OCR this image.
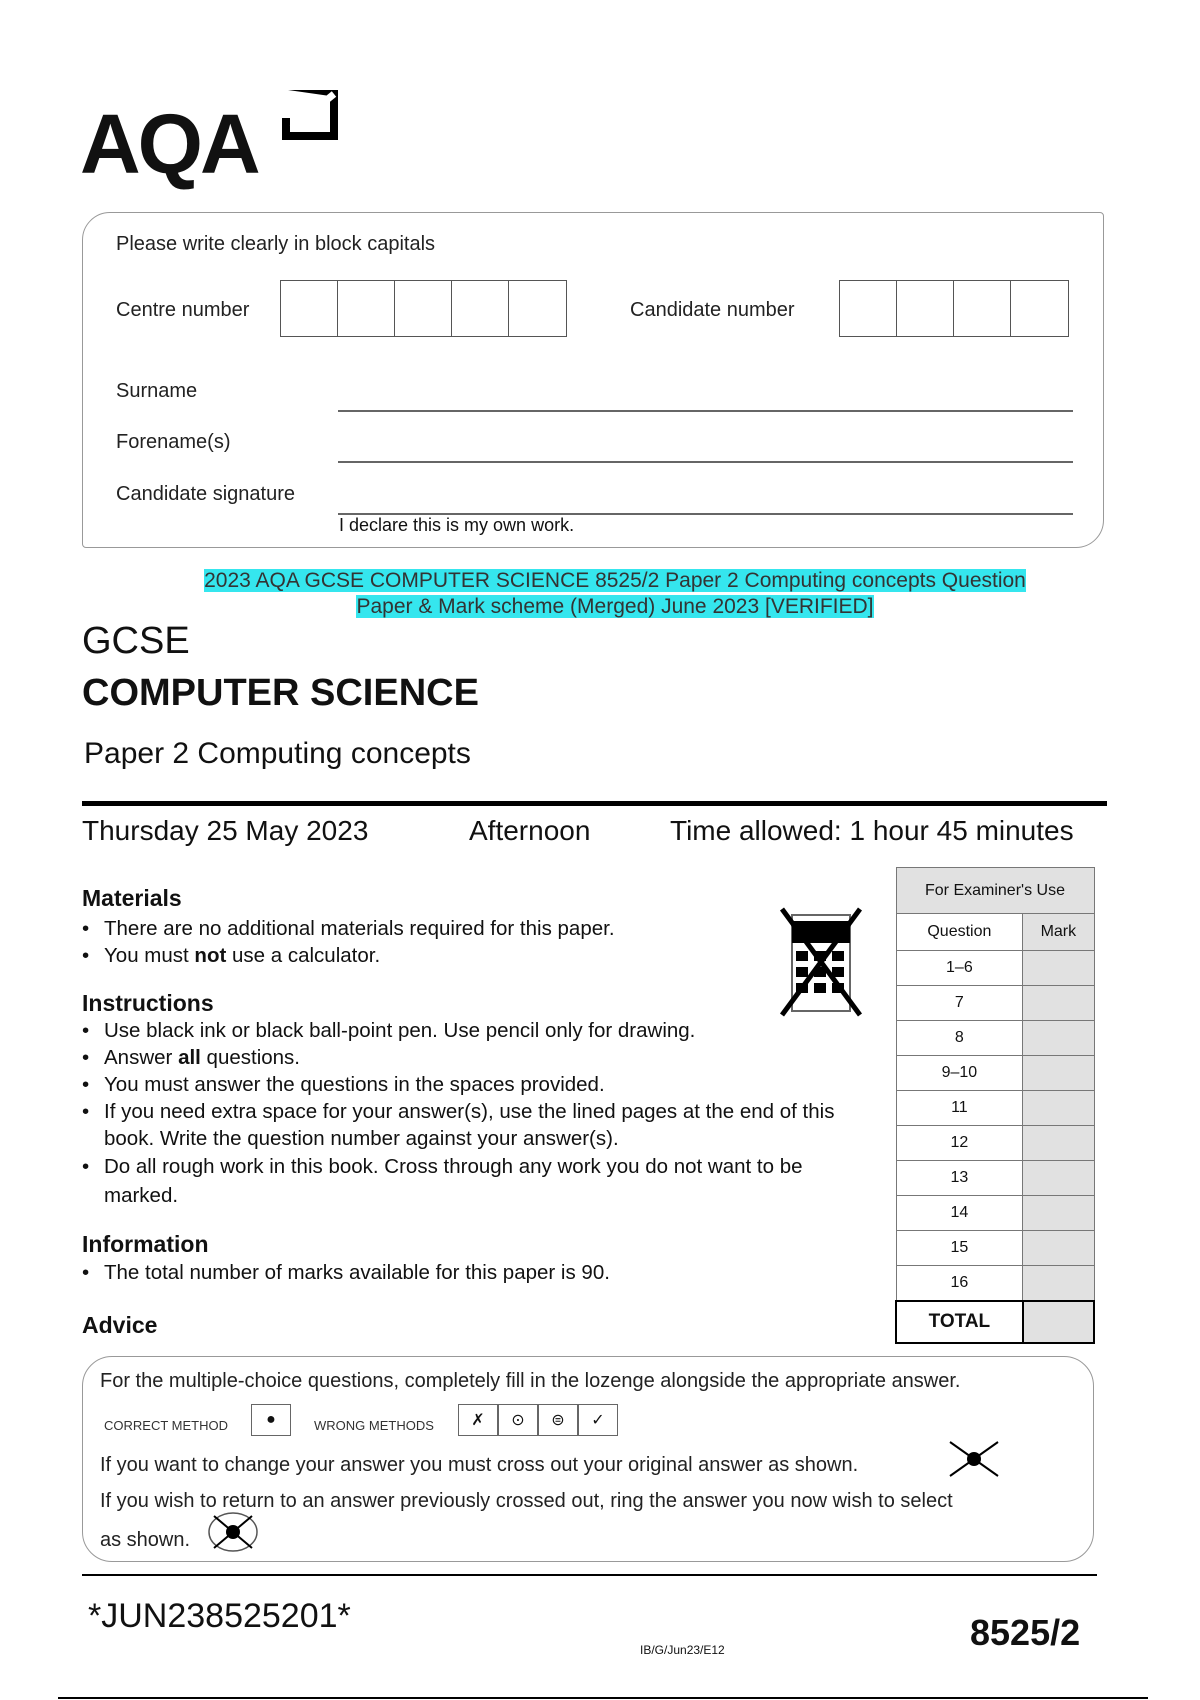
AQA
Please write clearly in block capitals
Centre number	Candidate number
Surname
Forename(s)
Candidate signature
I declare this is my own work.
2023 AQA GCSE COMPUTER SCIENCE 8525/2 Paper 2 Computing concepts Question
Paper & Mark scheme (Merged) June 2023 [VERIFIED]
GCSE
COMPUTER SCIENCE
Paper 2 Computing concepts
Thursday 25 May 2023	Afternoon	Time allowed: 1 hour 45 minutes
Materials
• There are no additional materials required for this paper.
• You must not use a calculator.
Instructions
• Use black ink or black ball-point pen. Use pencil only for drawing.
• Answer all questions.
• You must answer the questions in the spaces provided.
• If you need extra space for your answer(s), use the lined pages at the end of this book. Write the question number against your answer(s).
• Do all rough work in this book. Cross through any work you do not want to be marked.
Information
• The total number of marks available for this paper is 90.
Advice
For Examiner's Use	
Question	Mark
1–6	
7	
8	
9–10	
11	
12	
13	
14	
15	
16	
TOTAL	
For the multiple-choice questions, completely fill in the lozenge alongside the appropriate answer.
CORRECT METHOD	●	WRONG METHODS	✗	⊙	⊜	✓
If you want to change your answer you must cross out your original answer as shown.
If you wish to return to an answer previously crossed out, ring the answer you now wish to select
as shown.
*JUN238525201*
IB/G/Jun23/E12	8525/2
